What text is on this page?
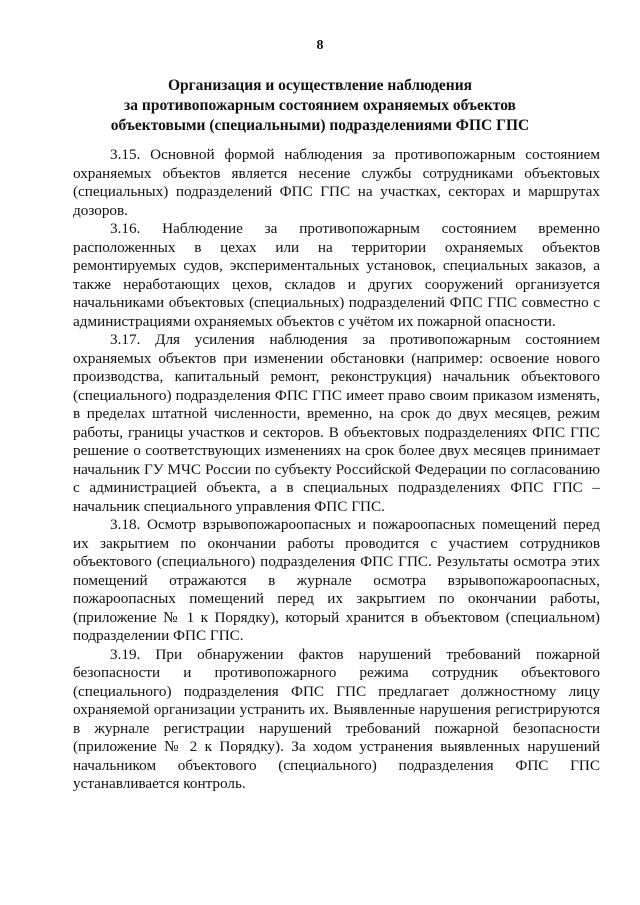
8
Организация и осуществление наблюдения
за противопожарным состоянием охраняемых объектов
объектовыми (специальными) подразделениями ФПС ГПС

3.15. Основной формой наблюдения за противопожарным состоянием охраняемых объектов является несение службы сотрудниками объектовых (специальных) подразделений ФПС ГПС на участках, секторах и маршрутах дозоров.

3.16. Наблюдение за противопожарным состоянием временно расположенных в цехах или на территории охраняемых объектов ремонтируемых судов, экспериментальных установок, специальных заказов, а также неработающих цехов, складов и других сооружений организуется начальниками объектовых (специальных) подразделений ФПС ГПС совместно с администрациями охраняемых объектов с учётом их пожарной опасности.

3.17. Для усиления наблюдения за противопожарным состоянием охраняемых объектов при изменении обстановки (например: освоение нового производства, капитальный ремонт, реконструкция) начальник объектового (специального) подразделения ФПС ГПС имеет право своим приказом изменять, в пределах штатной численности, временно, на срок до двух месяцев, режим работы, границы участков и секторов. В объектовых подразделениях ФПС ГПС решение о соответствующих изменениях на срок более двух месяцев принимает начальник ГУ МЧС России по субъекту Российской Федерации по согласованию с администрацией объекта, а в специальных подразделениях ФПС ГПС – начальник специального управления ФПС ГПС.

3.18. Осмотр взрывопожароопасных и пожароопасных помещений перед их закрытием по окончании работы проводится с участием сотрудников объектового (специального) подразделения ФПС ГПС. Результаты осмотра этих помещений отражаются в журнале осмотра взрывопожароопасных, пожароопасных помещений перед их закрытием по окончании работы, (приложение № 1 к Порядку), который хранится в объектовом (специальном) подразделении ФПС ГПС.

3.19. При обнаружении фактов нарушений требований пожарной безопасности и противопожарного режима сотрудник объектового (специального) подразделения ФПС ГПС предлагает должностному лицу охраняемой организации устранить их. Выявленные нарушения регистрируются в журнале регистрации нарушений требований пожарной безопасности (приложение № 2 к Порядку). За ходом устранения выявленных нарушений начальником объектового (специального) подразделения ФПС ГПС устанавливается контроль.
